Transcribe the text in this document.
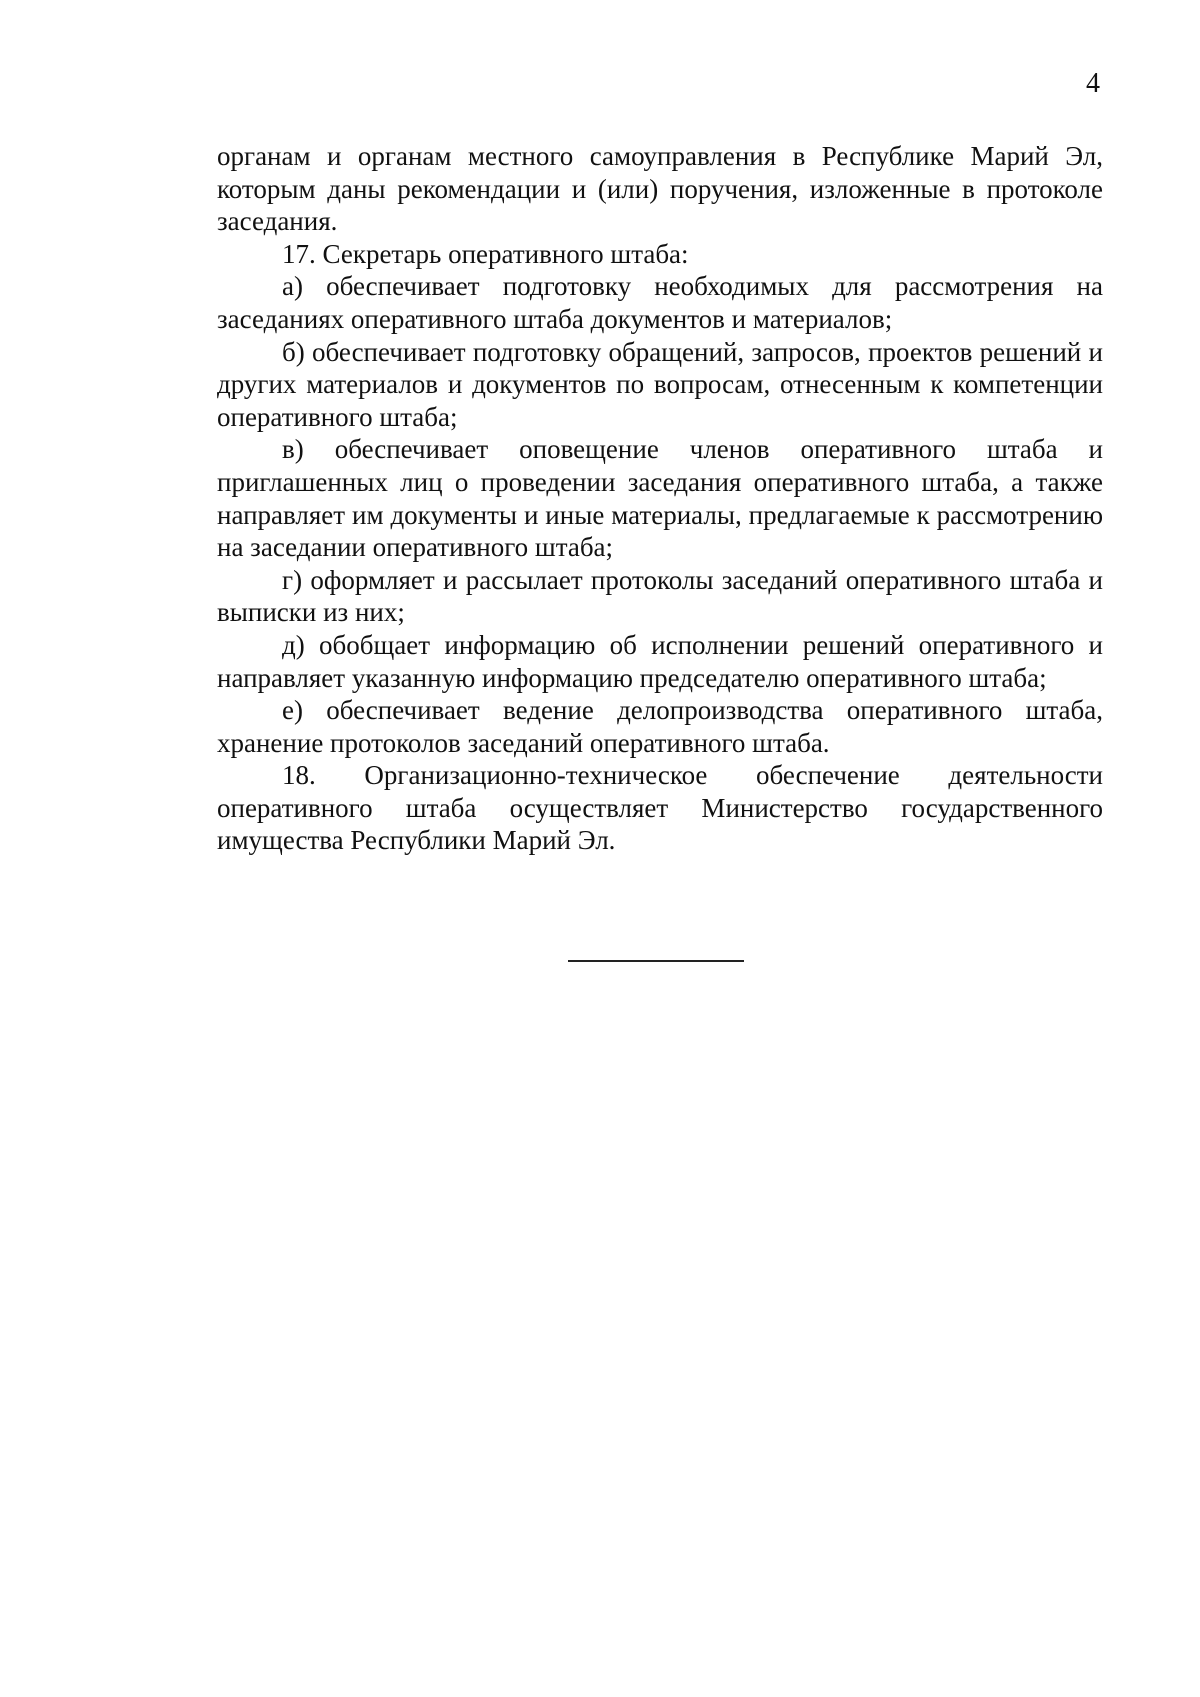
4

органам и органам местного самоуправления в Республике Марий Эл, которым даны рекомендации и (или) поручения, изложенные в протоколе заседания.

17. Секретарь оперативного штаба:

а) обеспечивает подготовку необходимых для рассмотрения на заседаниях оперативного штаба документов и материалов;

б) обеспечивает подготовку обращений, запросов, проектов решений и других материалов и документов по вопросам, отнесенным к компетенции оперативного штаба;

в) обеспечивает оповещение членов оперативного штаба и приглашенных лиц о проведении заседания оперативного штаба, а также направляет им документы и иные материалы, предлагаемые к рассмотрению на заседании оперативного штаба;

г) оформляет и рассылает протоколы заседаний оперативного штаба и выписки из них;

д) обобщает информацию об исполнении решений оперативного и направляет указанную информацию председателю оперативного штаба;

е) обеспечивает ведение делопроизводства оперативного штаба, хранение протоколов заседаний оперативного штаба.

18. Организационно-техническое обеспечение деятельности оперативного штаба осуществляет Министерство государственного имущества Республики Марий Эл.
